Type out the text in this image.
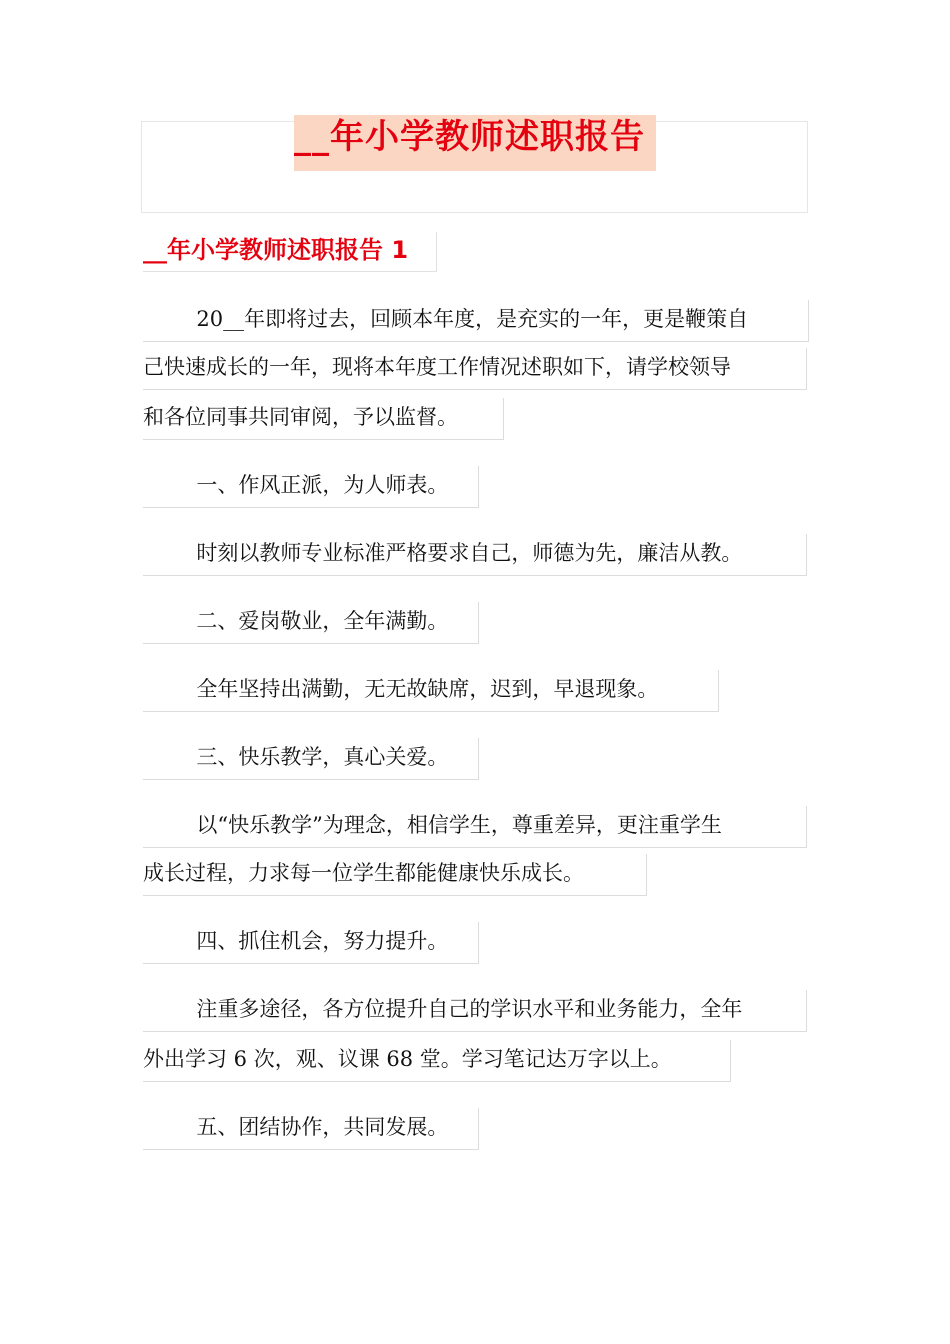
__年小学教师述职报告
__年小学教师述职报告 1
20__年即将过去，回顾本年度，是充实的一年，更是鞭策自
己快速成长的一年，现将本年度工作情况述职如下，请学校领导
和各位同事共同审阅，予以监督。
一、作风正派，为人师表。
时刻以教师专业标准严格要求自己，师德为先，廉洁从教。
二、爱岗敬业，全年满勤。
全年坚持出满勤，无无故缺席，迟到，早退现象。
三、快乐教学，真心关爱。
以“快乐教学”为理念，相信学生，尊重差异，更注重学生
成长过程，力求每一位学生都能健康快乐成长。
四、抓住机会，努力提升。
注重多途径，各方位提升自己的学识水平和业务能力，全年
外出学习 6 次，观、议课 68 堂。学习笔记达万字以上。
五、团结协作，共同发展。
